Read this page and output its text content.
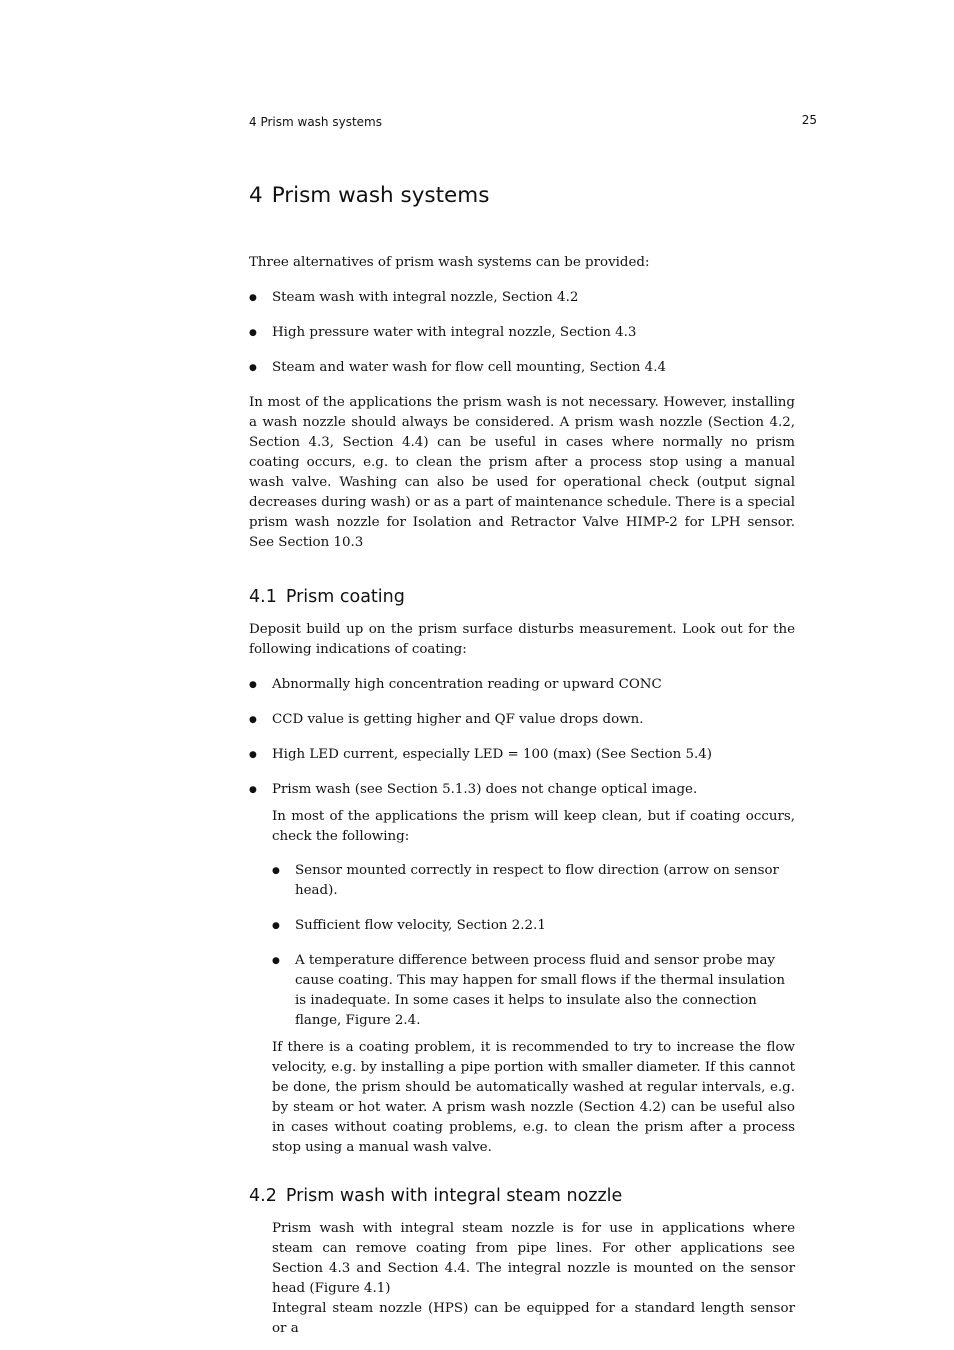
4 Prism wash systems	25
4 Prism wash systems

Three alternatives of prism wash systems can be provided:

● Steam wash with integral nozzle, Section 4.2
● High pressure water with integral nozzle, Section 4.3
● Steam and water wash for flow cell mounting, Section 4.4

In most of the applications the prism wash is not necessary. However, installing a wash nozzle should always be considered. A prism wash nozzle (Section 4.2, Section 4.3, Section 4.4) can be useful in cases where normally no prism coating occurs, e.g. to clean the prism after a process stop using a manual wash valve. Washing can also be used for operational check (output signal decreases during wash) or as a part of maintenance schedule. There is a special prism wash nozzle for Isolation and Retractor Valve HIMP-2 for LPH sensor. See Section 10.3

4.1 Prism coating

Deposit build up on the prism surface disturbs measurement. Look out for the following indications of coating:

● Abnormally high concentration reading or upward CONC
● CCD value is getting higher and QF value drops down.
● High LED current, especially LED = 100 (max) (See Section 5.4)
● Prism wash (see Section 5.1.3) does not change optical image.

In most of the applications the prism will keep clean, but if coating occurs, check the following:

● Sensor mounted correctly in respect to flow direction (arrow on sensor head).
● Sufficient flow velocity, Section 2.2.1
● A temperature difference between process fluid and sensor probe may cause coating. This may happen for small flows if the thermal insulation is inadequate. In some cases it helps to insulate also the connection flange, Figure 2.4.

If there is a coating problem, it is recommended to try to increase the flow velocity, e.g. by installing a pipe portion with smaller diameter. If this cannot be done, the prism should be automatically washed at regular intervals, e.g. by steam or hot water. A prism wash nozzle (Section 4.2) can be useful also in cases without coating problems, e.g. to clean the prism after a process stop using a manual wash valve.

4.2 Prism wash with integral steam nozzle

Prism wash with integral steam nozzle is for use in applications where steam can remove coating from pipe lines. For other applications see Section 4.3 and Section 4.4. The integral nozzle is mounted on the sensor head (Figure 4.1)

Integral steam nozzle (HPS) can be equipped for a standard length sensor or a
